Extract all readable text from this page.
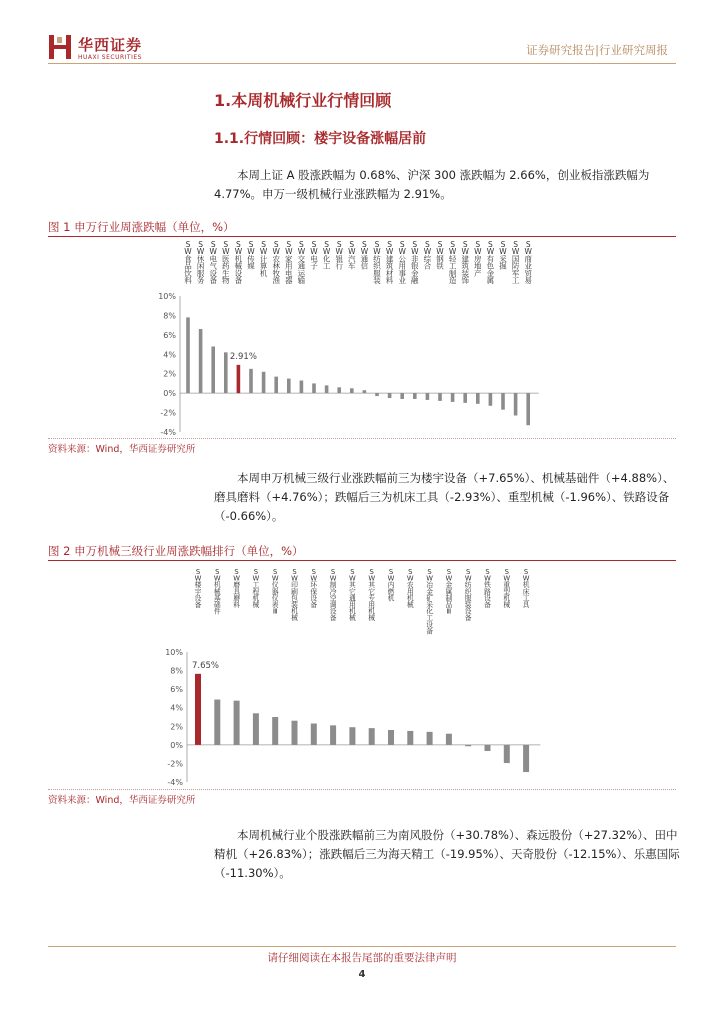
华西证券
HUAXI SECURITIES
证券研究报告|行业研究周报
1.本周机械行业行情回顾
1.1.行情回顾：楼宇设备涨幅居前

本周上证 A 股涨跌幅为 0.68%、沪深 300 涨跌幅为 2.66%，创业板指涨跌幅为 4.77%。申万一级机械行业涨跌幅为 2.91%。

图 1 申万行业周涨跌幅（单位，%）
10%
8%
6%
4%
2%
0%
-2%
-4%
S W 食品饮料
S W 休闲服务
S W 电气设备
S W 医药生物
2.91%
S W 机械设备
S W 传媒
S W 计算机
S W 农林牧渔
S W 家用电器
S W 交通运输
S W 电子
S W 化工
S W 银行
S W 汽车
S W 通信
S W 纺织服装
S W 建筑材料
S W 公用事业
S W 非银金融
S W 综合
S W 钢铁
S W 轻工制造
S W 建筑装饰
S W 房地产
S W 有色金属
S W 采掘
S W 国防军工
S W 商业贸易
资料来源：Wind，华西证券研究所

本周申万机械三级行业涨跌幅前三为楼宇设备（+7.65%）、机械基础件（+4.88%）、磨具磨料（+4.76%）；跌幅后三为机床工具（-2.93%）、重型机械（-1.96%）、铁路设备（-0.66%）。

图 2 申万机械三级行业周涨跌幅排行（单位，%）
10%
8%
6%
4%
2%
0%
-2%
-4%
7.65%
S W 楼宇设备
S W 机械基础件
S W 磨具磨料
S W 工程机械
S W 仪器仪表 Ⅲ
S W 印刷包装机械
S W 环保设备
S W 制冷空调设备
S W 其它通用机械
S W 其它专用机械
S W 内燃机
S W 农用机械
S W 冶金矿采化工设备
S W 金属制品 Ⅲ
S W 纺织服装设备
S W 铁路设备
S W 重型机械
S W 机床工具
资料来源：Wind，华西证券研究所

本周机械行业个股涨跌幅前三为南风股份（+30.78%）、森远股份（+27.32%）、田中精机（+26.83%）；涨跌幅后三为海天精工（-19.95%）、天奇股份（-12.15%）、乐惠国际（-11.30%）。

请仔细阅读在本报告尾部的重要法律声明
4
